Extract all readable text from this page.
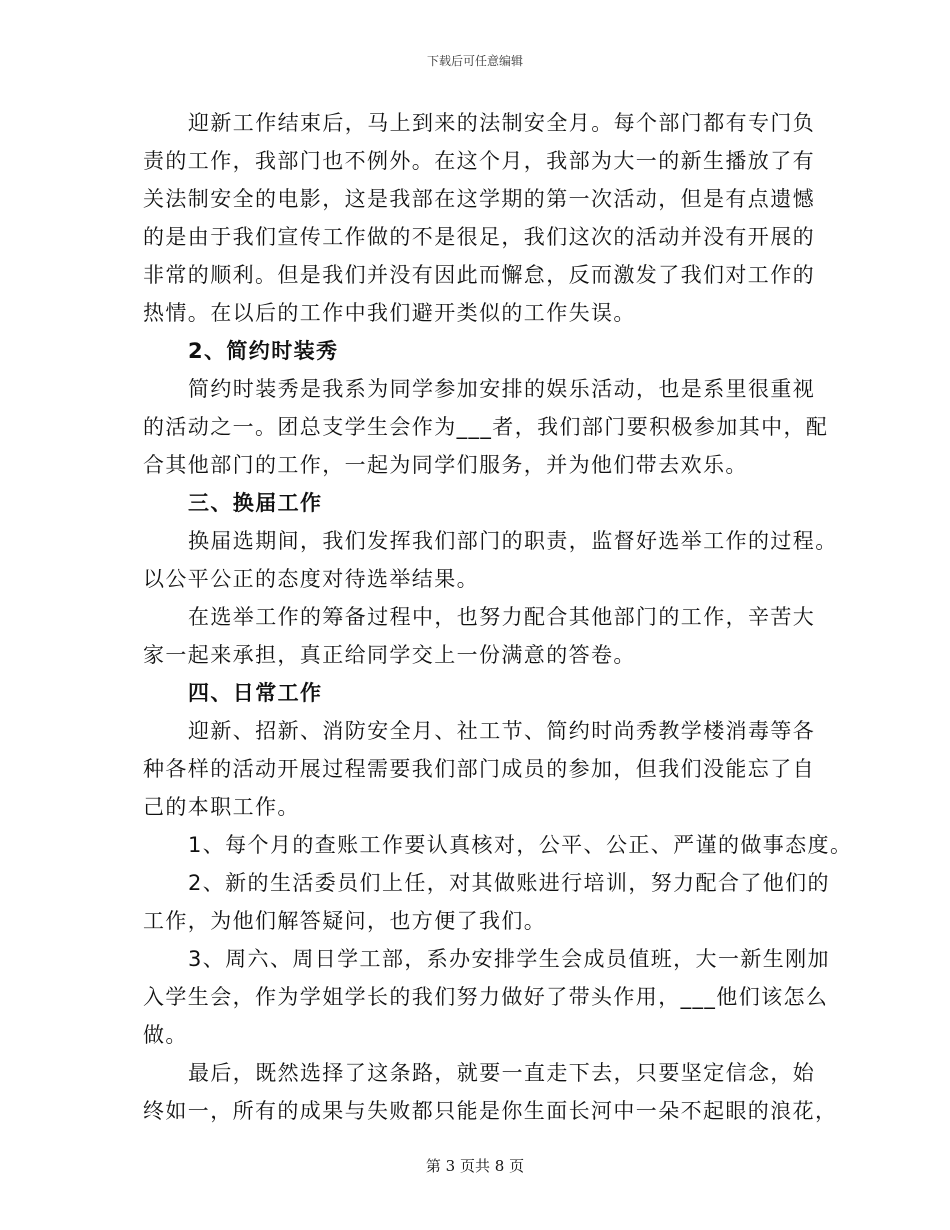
下载后可任意编辑
迎新工作结束后，马上到来的法制安全月。每个部门都有专门负
责的工作，我部门也不例外。在这个月，我部为大一的新生播放了有
关法制安全的电影，这是我部在这学期的第一次活动，但是有点遗憾
的是由于我们宣传工作做的不是很足，我们这次的活动并没有开展的
非常的顺利。但是我们并没有因此而懈怠，反而激发了我们对工作的
热情。在以后的工作中我们避开类似的工作失误。
2、简约时装秀
简约时装秀是我系为同学参加安排的娱乐活动，也是系里很重视
的活动之一。团总支学生会作为___者，我们部门要积极参加其中，配
合其他部门的工作，一起为同学们服务，并为他们带去欢乐。
三、换届工作
换届选期间，我们发挥我们部门的职责，监督好选举工作的过程。
以公平公正的态度对待选举结果。
在选举工作的筹备过程中，也努力配合其他部门的工作，辛苦大
家一起来承担，真正给同学交上一份满意的答卷。
四、日常工作
迎新、招新、消防安全月、社工节、简约时尚秀教学楼消毒等各
种各样的活动开展过程需要我们部门成员的参加，但我们没能忘了自
己的本职工作。
1、每个月的查账工作要认真核对，公平、公正、严谨的做事态度。
2、新的生活委员们上任，对其做账进行培训，努力配合了他们的
工作，为他们解答疑问，也方便了我们。
3、周六、周日学工部，系办安排学生会成员值班，大一新生刚加
入学生会，作为学姐学长的我们努力做好了带头作用，___他们该怎么
做。
最后，既然选择了这条路，就要一直走下去，只要坚定信念，始
终如一，所有的成果与失败都只能是你生面长河中一朵不起眼的浪花，
第 3 页共 8 页
